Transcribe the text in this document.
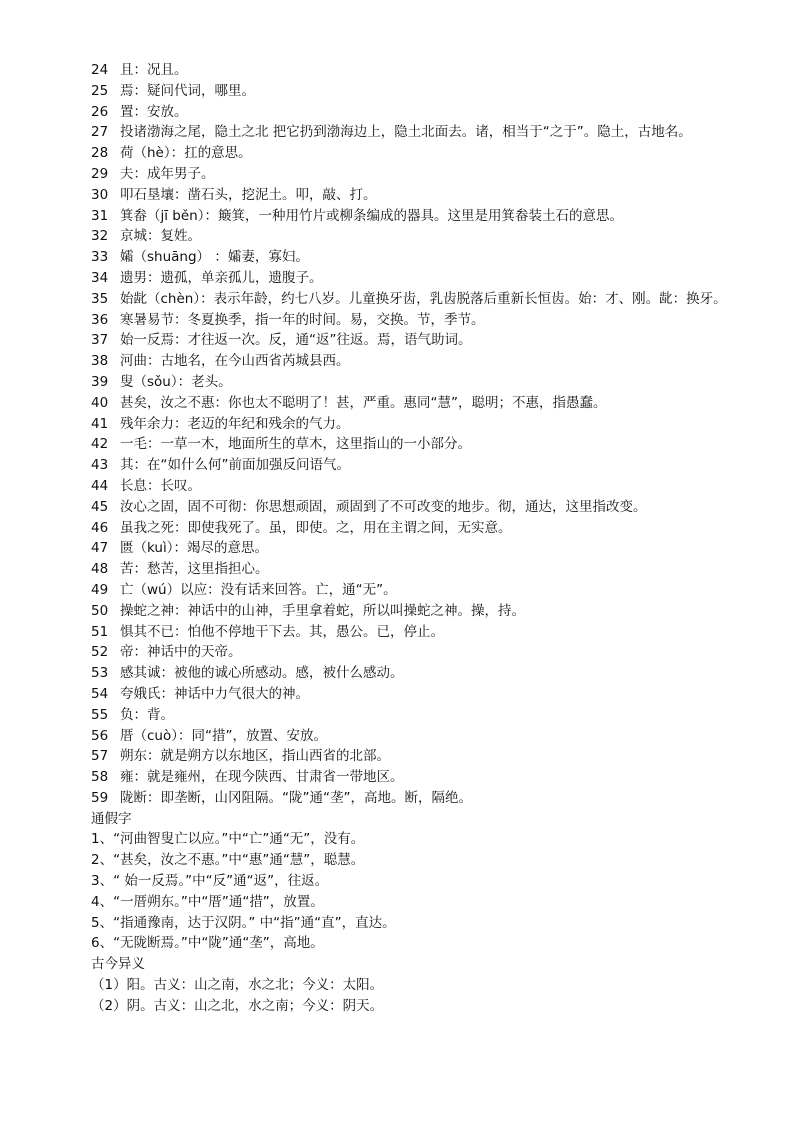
24 且：况且。
25 焉：疑问代词，哪里。
26 置：安放。
27 投诸渤海之尾，隐土之北 把它扔到渤海边上，隐土北面去。诸，相当于“之于”。隐土，古地名。
28 荷（hè）：扛的意思。
29 夫：成年男子。
30 叩石垦壤：凿石头，挖泥土。叩，敲、打。
31 箕畚（jī běn）：簸箕，一种用竹片或柳条编成的器具。这里是用箕畚装土石的意思。
32 京城：复姓。
33 孀（shuāng） ：孀妻，寡妇。
34 遗男：遗孤，单亲孤儿，遗腹子。
35 始龀（chèn）：表示年龄，约七八岁。儿童换牙齿，乳齿脱落后重新长恒齿。始：才、刚。龀：换牙。
36 寒暑易节：冬夏换季，指一年的时间。易，交换。节，季节。
37 始一反焉：才往返一次。反，通“返”往返。焉，语气助词。
38 河曲：古地名，在今山西省芮城县西。
39 叟（sǒu）：老头。
40 甚矣，汝之不惠：你也太不聪明了！甚，严重。惠同“慧”，聪明；不惠，指愚蠢。
41 残年余力：老迈的年纪和残余的气力。
42 一毛：一草一木，地面所生的草木，这里指山的一小部分。
43 其：在“如什么何”前面加强反问语气。
44 长息：长叹。
45 汝心之固，固不可彻：你思想顽固，顽固到了不可改变的地步。彻，通达，这里指改变。
46 虽我之死：即使我死了。虽，即使。之，用在主谓之间，无实意。
47 匮（kuì）：竭尽的意思。
48 苦：愁苦，这里指担心。
49 亡（wú）以应：没有话来回答。亡，通“无”。
50 操蛇之神：神话中的山神，手里拿着蛇，所以叫操蛇之神。操，持。
51 惧其不已：怕他不停地干下去。其，愚公。已，停止。
52 帝：神话中的天帝。
53 感其诚：被他的诚心所感动。感，被什么感动。
54 夸娥氏：神话中力气很大的神。
55 负：背。
56 厝（cuò）：同“措”，放置、安放。
57 朔东：就是朔方以东地区，指山西省的北部。
58 雍：就是雍州，在现今陕西、甘肃省一带地区。
59 陇断：即垄断，山冈阻隔。“陇”通“垄”，高地。断，隔绝。
通假字
1、“河曲智叟亡以应。”中“亡”通“无”，没有。
2、“甚矣，汝之不惠。”中“惠”通“慧”，聪慧。
3、“ 始一反焉。”中“反”通“返”，往返。
4、“一厝朔东。”中“厝”通“措”，放置。
5、“指通豫南，达于汉阴。” 中“指”通“直”，直达。
6、“无陇断焉。”中“陇”通“垄”，高地。
古今异义
（1）阳。古义：山之南，水之北；今义：太阳。
（2）阴。古义：山之北，水之南；今义：阴天。
